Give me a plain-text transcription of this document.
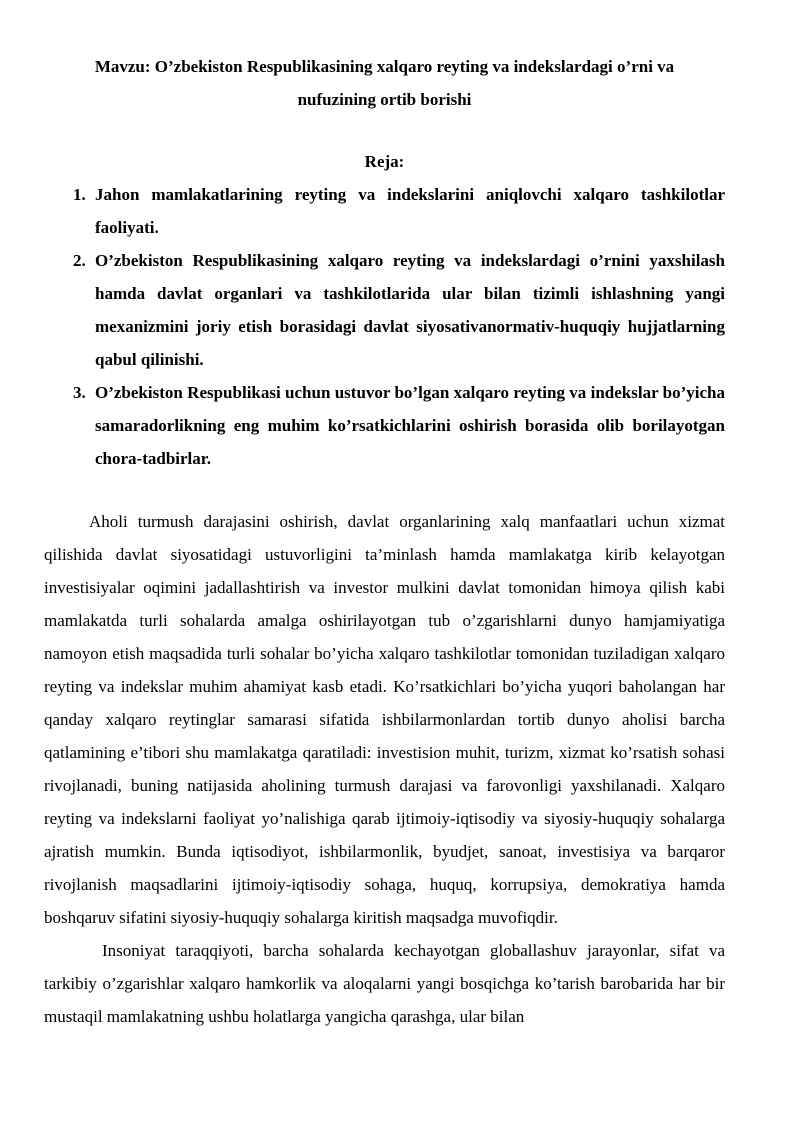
Mavzu: O’zbekiston Respublikasining xalqaro reyting va indekslardagi o’rni va
nufuzining ortib borishi
Reja:
1. Jahon mamlakatlarining reyting va indekslarini aniqlovchi xalqaro tashkilotlar faoliyati.
2. O’zbekiston Respublikasining xalqaro reyting va indekslardagi o’rnini yaxshilash hamda davlat organlari va tashkilotlarida ular bilan tizimli ishlashning yangi mexanizmini joriy etish borasidagi davlat siyosativanormativ-huquqiy hujjatlarning qabul qilinishi.
3. O’zbekiston Respublikasi uchun ustuvor bo’lgan xalqaro reyting va indekslar bo’yicha samaradorlikning eng muhim ko’rsatkichlarini oshirish borasida olib borilayotgan chora-tadbirlar.

Aholi turmush darajasini oshirish, davlat organlarining xalq manfaatlari uchun xizmat qilishida davlat siyosatidagi ustuvorligini ta’minlash hamda mamlakatga kirib kelayotgan investisiyalar oqimini jadallashtirish va investor mulkini davlat tomonidan himoya qilish kabi mamlakatda turli sohalarda amalga oshirilayotgan tub o’zgarishlarni dunyo hamjamiyatiga namoyon etish maqsadida turli sohalar bo’yicha xalqaro tashkilotlar tomonidan tuziladigan xalqaro reyting va indekslar muhim ahamiyat kasb etadi. Ko’rsatkichlari bo’yicha yuqori baholangan har qanday xalqaro reytinglar samarasi sifatida ishbilarmonlardan tortib dunyo aholisi barcha qatlamining e’tibori shu mamlakatga qaratiladi: investision muhit, turizm, xizmat ko’rsatish sohasi rivojlanadi, buning natijasida aholining turmush darajasi va farovonligi yaxshilanadi. Xalqaro reyting va indekslarni faoliyat yo’nalishiga qarab ijtimoiy-iqtisodiy va siyosiy-huquqiy sohalarga ajratish mumkin. Bunda iqtisodiyot, ishbilarmonlik, byudjet, sanoat, investisiya va barqaror rivojlanish maqsadlarini ijtimoiy-iqtisodiy sohaga, huquq, korrupsiya, demokratiya hamda boshqaruv sifatini siyosiy-huquqiy sohalarga kiritish maqsadga muvofiqdir.

Insoniyat taraqqiyoti, barcha sohalarda kechayotgan globallashuv jarayonlar, sifat va tarkibiy o’zgarishlar xalqaro hamkorlik va aloqalarni yangi bosqichga ko’tarish barobarida har bir mustaqil mamlakatning ushbu holatlarga yangicha qarashga, ular bilan
